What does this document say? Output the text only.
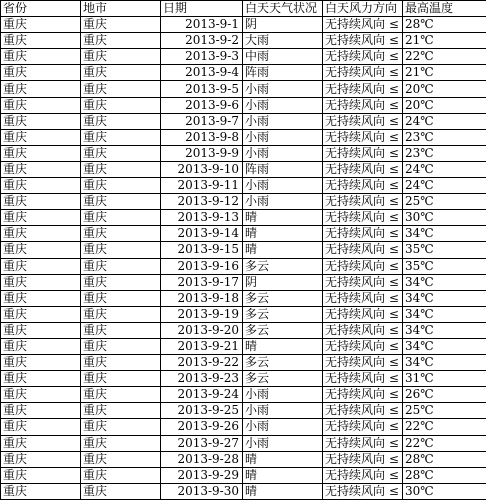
省份	地市	日期	白天天气状况	白天风力方向	最高温度
重庆	重庆	2013-9-1	阴	无持续风向 ≤	28℃
重庆	重庆	2013-9-2	大雨	无持续风向 ≤	21℃
重庆	重庆	2013-9-3	中雨	无持续风向 ≤	22℃
重庆	重庆	2013-9-4	阵雨	无持续风向 ≤	21℃
重庆	重庆	2013-9-5	小雨	无持续风向 ≤	20℃
重庆	重庆	2013-9-6	小雨	无持续风向 ≤	20℃
重庆	重庆	2013-9-7	小雨	无持续风向 ≤	24℃
重庆	重庆	2013-9-8	小雨	无持续风向 ≤	23℃
重庆	重庆	2013-9-9	小雨	无持续风向 ≤	23℃
重庆	重庆	2013-9-10	阵雨	无持续风向 ≤	24℃
重庆	重庆	2013-9-11	小雨	无持续风向 ≤	24℃
重庆	重庆	2013-9-12	小雨	无持续风向 ≤	25℃
重庆	重庆	2013-9-13	晴	无持续风向 ≤	30℃
重庆	重庆	2013-9-14	晴	无持续风向 ≤	34℃
重庆	重庆	2013-9-15	晴	无持续风向 ≤	35℃
重庆	重庆	2013-9-16	多云	无持续风向 ≤	35℃
重庆	重庆	2013-9-17	阴	无持续风向 ≤	34℃
重庆	重庆	2013-9-18	多云	无持续风向 ≤	34℃
重庆	重庆	2013-9-19	多云	无持续风向 ≤	34℃
重庆	重庆	2013-9-20	多云	无持续风向 ≤	34℃
重庆	重庆	2013-9-21	晴	无持续风向 ≤	34℃
重庆	重庆	2013-9-22	多云	无持续风向 ≤	34℃
重庆	重庆	2013-9-23	多云	无持续风向 ≤	31℃
重庆	重庆	2013-9-24	小雨	无持续风向 ≤	26℃
重庆	重庆	2013-9-25	小雨	无持续风向 ≤	25℃
重庆	重庆	2013-9-26	小雨	无持续风向 ≤	22℃
重庆	重庆	2013-9-27	小雨	无持续风向 ≤	22℃
重庆	重庆	2013-9-28	晴	无持续风向 ≤	28℃
重庆	重庆	2013-9-29	晴	无持续风向 ≤	28℃
重庆	重庆	2013-9-30	晴	无持续风向 ≤	30℃
